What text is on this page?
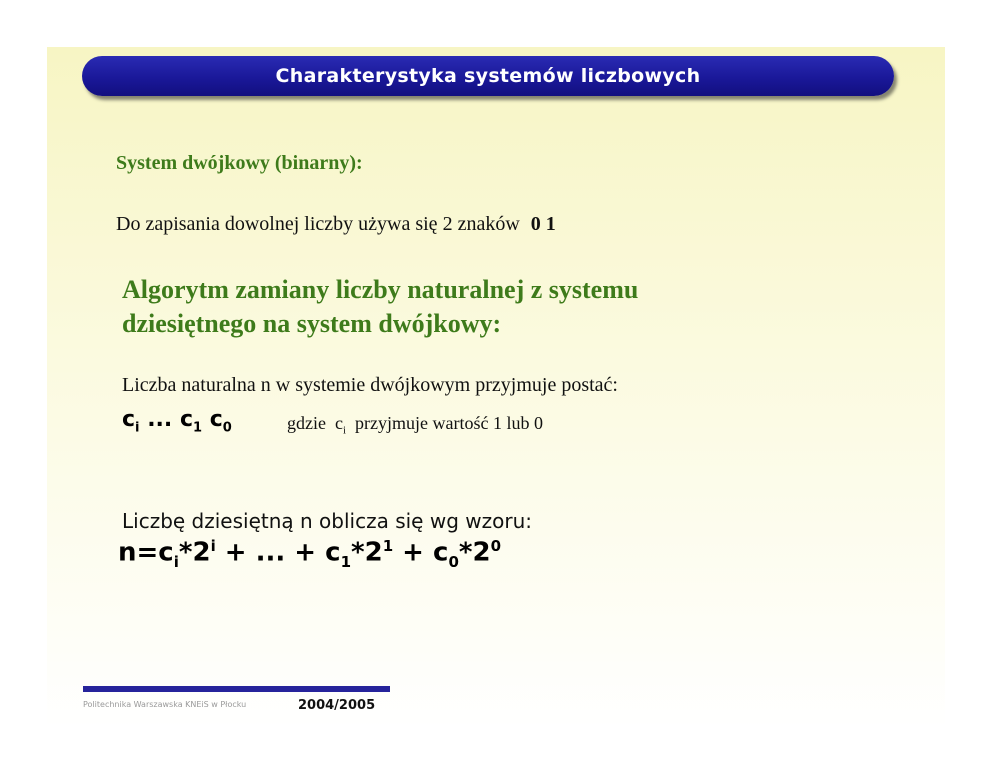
Charakterystyka systemów liczbowych
System dwójkowy (binarny):
Do zapisania dowolnej liczby używa się 2 znaków 0 1
Algorytm zamiany liczby naturalnej z systemu
dziesiętnego na system dwójkowy:
Liczba naturalna n w systemie dwójkowym przyjmuje postać:
$c_i$ ... $c_1$ $c_0$	gdzie $c_i$ przyjmuje wartość 1 lub 0
Liczbę dziesiętną n oblicza się wg wzoru:
$n=c_i*2^i$ + ... + $c_1*2^1 + c_0*2^0$
Politechnika Warszawska KNEiS w Płocku	2004/2005
